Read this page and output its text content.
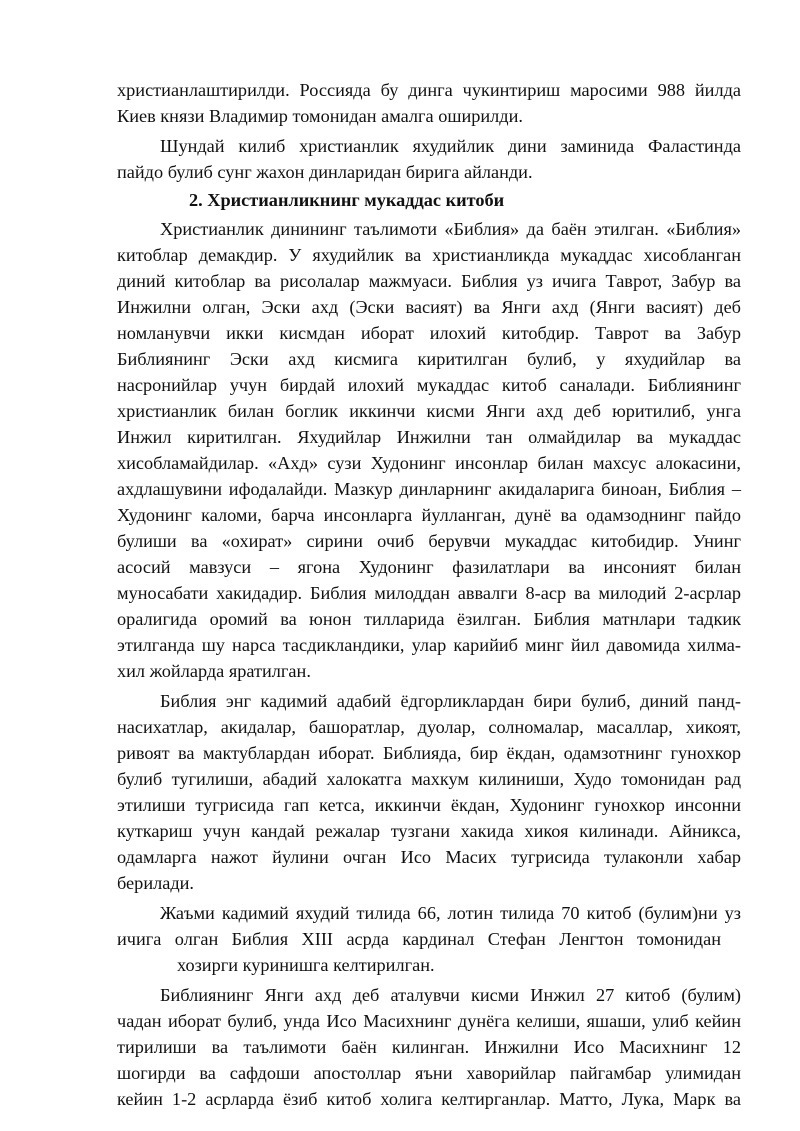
христианлаштирилди. Россияда бу динга чукинтириш маросими 988 йилда
Киев князи Владимир томонидан амалга оширилди.
Шундай килиб христианлик яхудийлик дини заминида Фаластинда
пайдо булиб сунг жахон динларидан бирига айланди.
2. Христианликнинг мукаддас китоби
Христианлик динининг таълимоти «Библия» да баён этилган. «Библия»
китоблар демакдир. У яхудийлик ва христианликда мукаддас хисобланган
диний китоблар ва рисолалар мажмуаси. Библия уз ичига Таврот, Забур ва
Инжилни олган, Эски ахд (Эски васият) ва Янги ахд (Янги васият) деб
номланувчи икки кисмдан иборат илохий китобдир. Таврот ва Забур
Библиянинг Эски ахд кисмига киритилган булиб, у яхудийлар ва
насронийлар учун бирдай илохий мукаддас китоб саналади. Библиянинг
христианлик билан боглик иккинчи кисми Янги ахд деб юритилиб, унга
Инжил киритилган. Яхудийлар Инжилни тан олмайдилар ва мукаддас
хисобламайдилар. «Ахд» сузи Худонинг инсонлар билан махсус алокасини,
ахдлашувини ифодалайди. Мазкур динларнинг акидаларига биноан, Библия –
Худонинг каломи, барча инсонларга йулланган, дунё ва одамзоднинг пайдо
булиши ва «охират» сирини очиб берувчи мукаддас китобидир. Унинг
асосий мавзуси – ягона Худонинг фазилатлари ва инсоният билан
муносабати хакидадир. Библия милоддан аввалги 8-аср ва милодий 2-асрлар
оралигида оромий ва юнон тилларида ёзилган. Библия матнлари тадкик
этилганда шу нарса тасдикландики, улар карийиб минг йил давомида хилма-
хил жойларда яратилган.
Библия энг кадимий адабий ёдгорликлардан бири булиб, диний панд-
насихатлар, акидалар, башоратлар, дуолар, солномалар, масаллар, хикоят,
ривоят ва мактублардан иборат. Библияда, бир ёкдан, одамзотнинг гунохкор
булиб тугилиши, абадий халокатга махкум килиниши, Худо томонидан рад
этилиши тугрисида гап кетса, иккинчи ёкдан, Худонинг гунохкор инсонни
куткариш учун кандай режалар тузгани хакида хикоя килинади. Айникса,
одамларга нажот йулини очган Исо Масих тугрисида тулаконли хабар
берилади.
Жаъми кадимий яхудий тилида 66, лотин тилида 70 китоб (булим)ни уз
ичига олган Библия XIII асрда кардинал Стефан Ленгтон томонидан
хозирги куринишга келтирилган.
Библиянинг Янги ахд деб аталувчи кисми Инжил 27 китоб (булим)
чадан иборат булиб, унда Исо Масихнинг дунёга келиши, яшаши, улиб кейин
тирилиши ва таълимоти баён килинган. Инжилни Исо Масихнинг 12
шогирди ва сафдоши апостоллар яъни хаворийлар пайгамбар улимидан
кейин 1-2 асрларда ёзиб китоб холига келтирганлар. Матто, Лука, Марк ва
